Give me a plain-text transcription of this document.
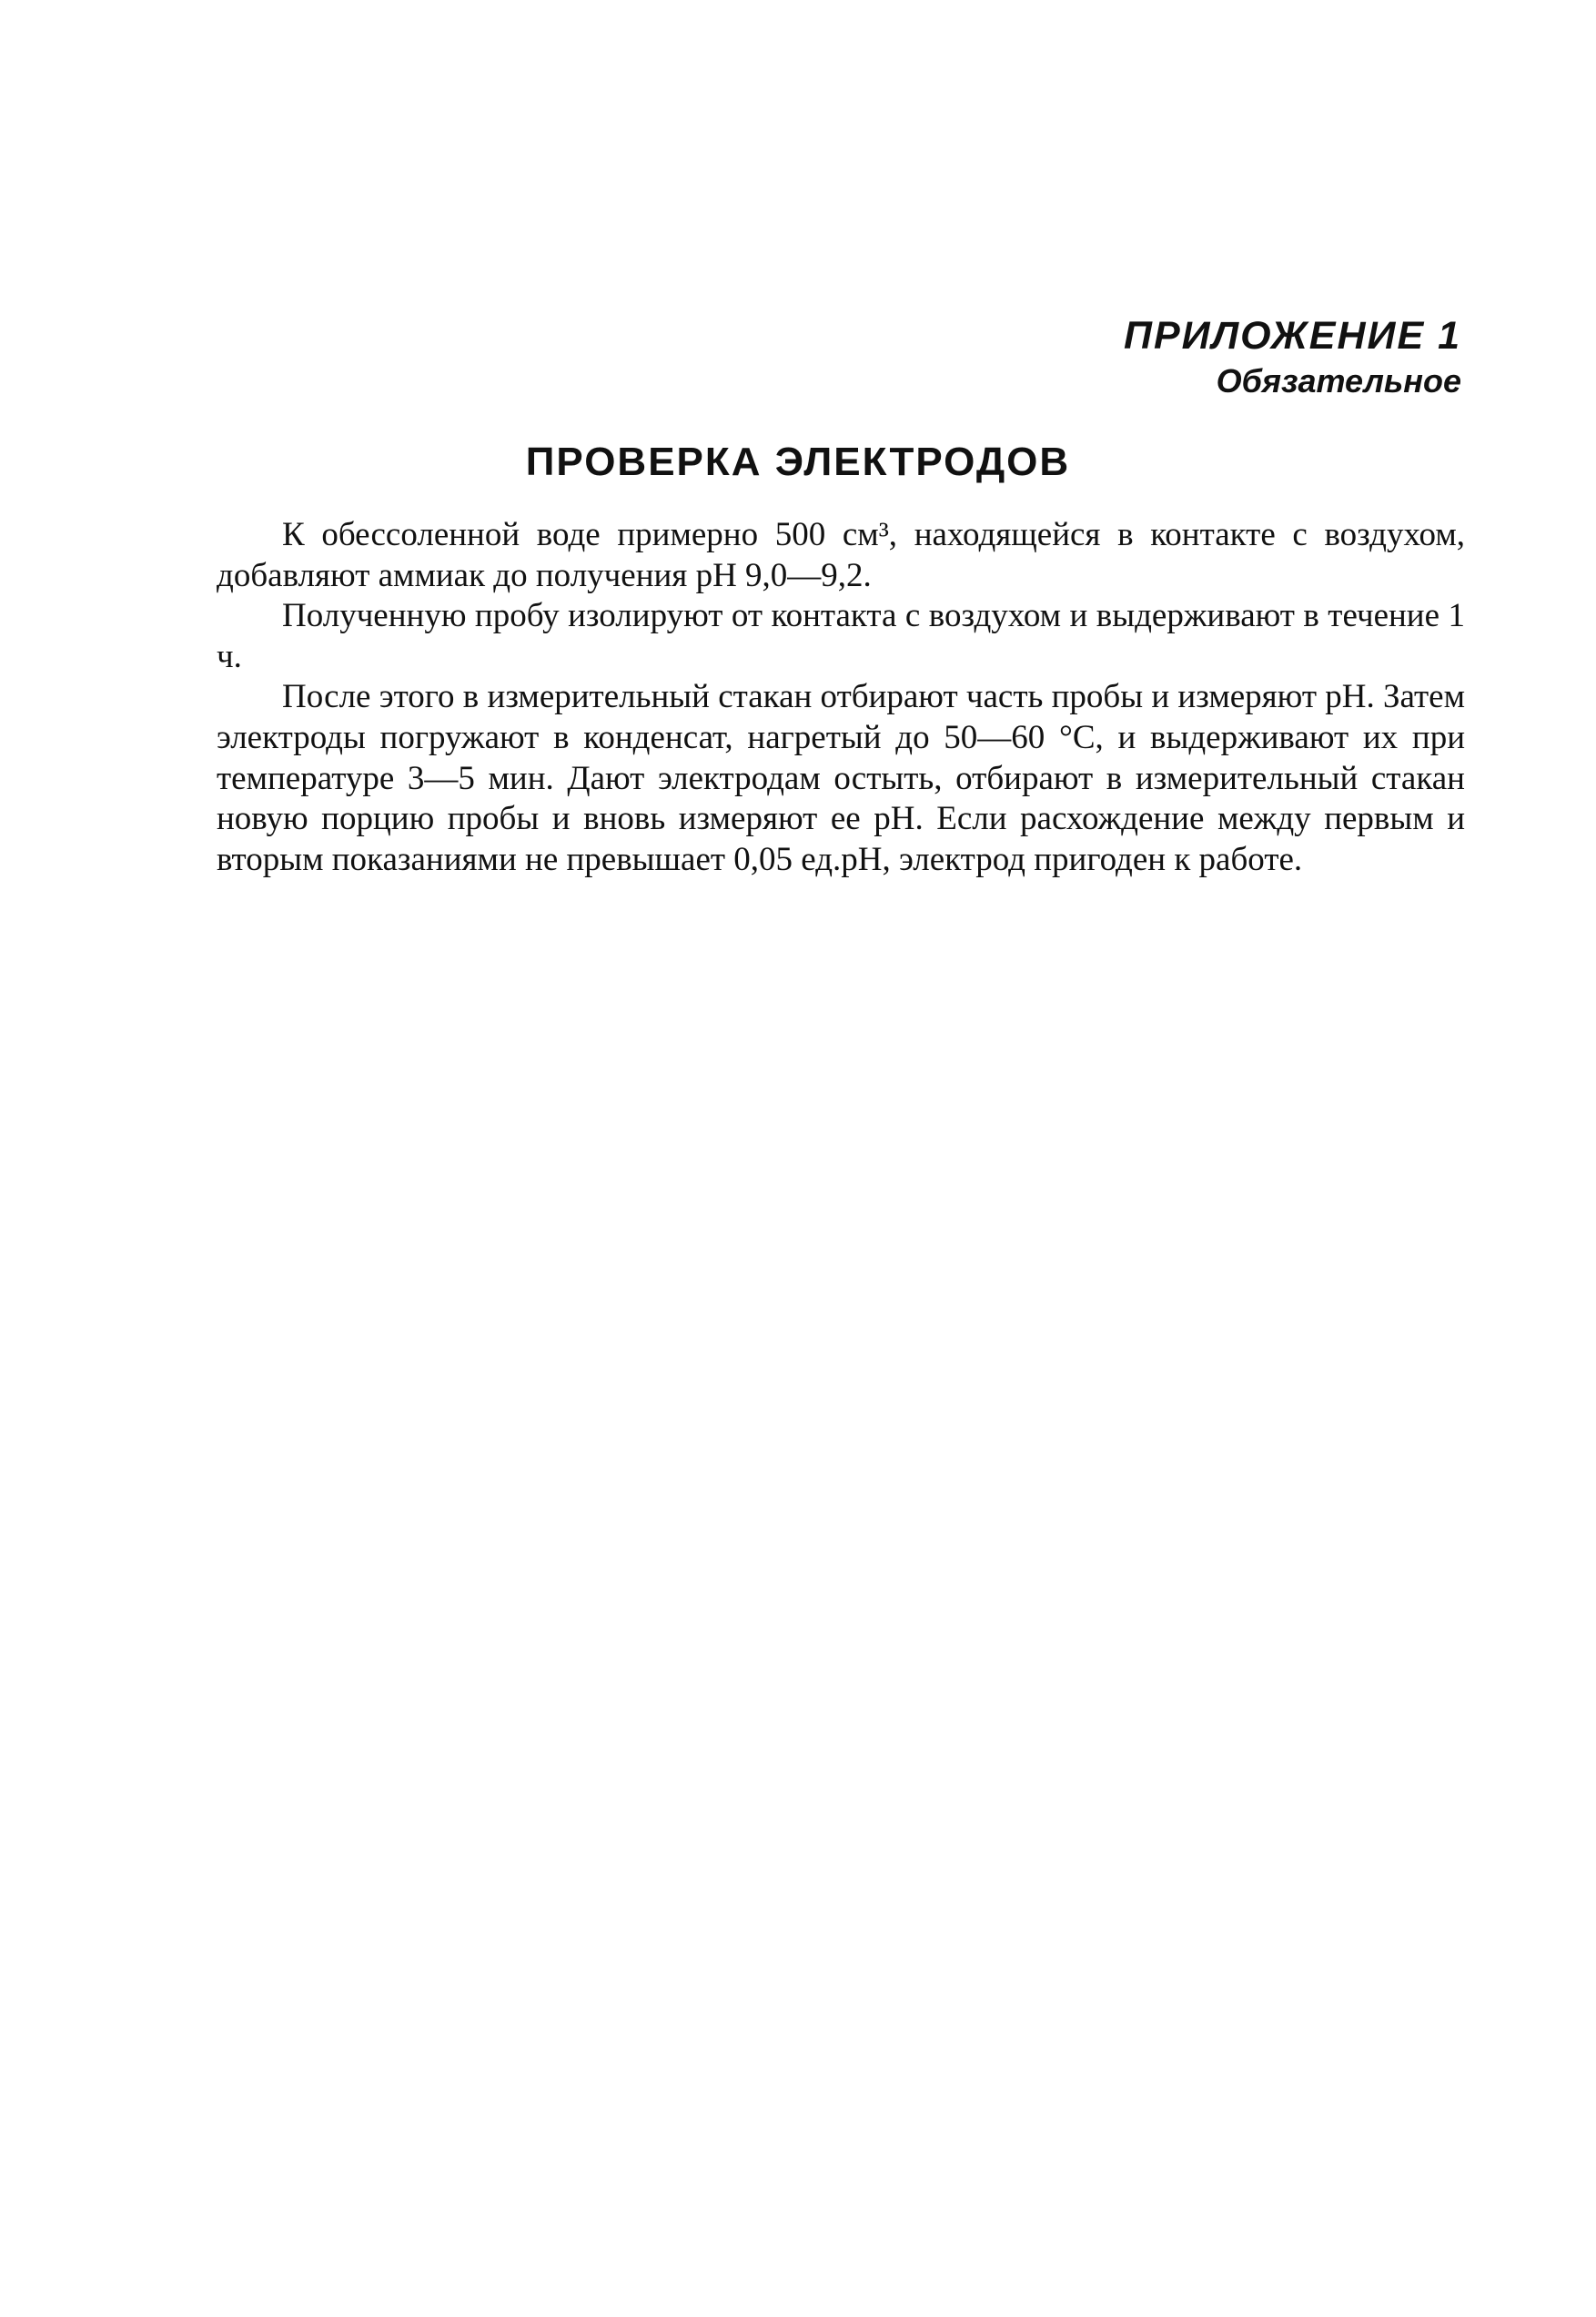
ПРИЛОЖЕНИЕ 1
Обязательное
ПРОВЕРКА ЭЛЕКТРОДОВ

К обессоленной воде примерно 500 см³, находящейся в контакте с воздухом, добавляют аммиак до получения pH 9,0—9,2.

Полученную пробу изолируют от контакта с воздухом и выдерживают в течение 1 ч.

После этого в измерительный стакан отбирают часть пробы и измеряют pH. Затем электроды погружают в конденсат, нагретый до 50—60 °С, и выдерживают их при температуре 3—5 мин. Дают электродам остыть, отбирают в измерительный стакан новую порцию пробы и вновь измеряют ее pH. Если расхождение между первым и вторым показаниями не превышает 0,05 ед.pH, электрод пригоден к работе.
